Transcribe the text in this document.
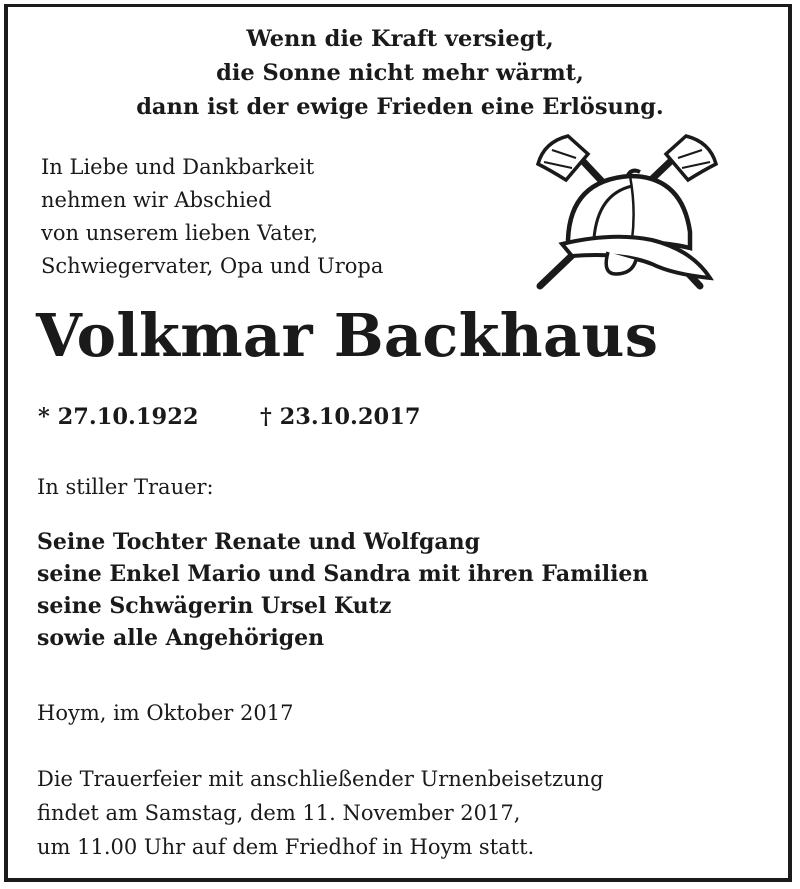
Wenn die Kraft versiegt,
die Sonne nicht mehr wärmt,
dann ist der ewige Frieden eine Erlösung.
In Liebe und Dankbarkeit
nehmen wir Abschied
von unserem lieben Vater,
Schwiegervater, Opa und Uropa
Volkmar Backhaus
* 27.10.1922	† 23.10.2017
In stiller Trauer:
Seine Tochter Renate und Wolfgang
seine Enkel Mario und Sandra mit ihren Familien
seine Schwägerin Ursel Kutz
sowie alle Angehörigen
Hoym, im Oktober 2017
Die Trauerfeier mit anschließender Urnenbeisetzung
findet am Samstag, dem 11. November 2017,
um 11.00 Uhr auf dem Friedhof in Hoym statt.
